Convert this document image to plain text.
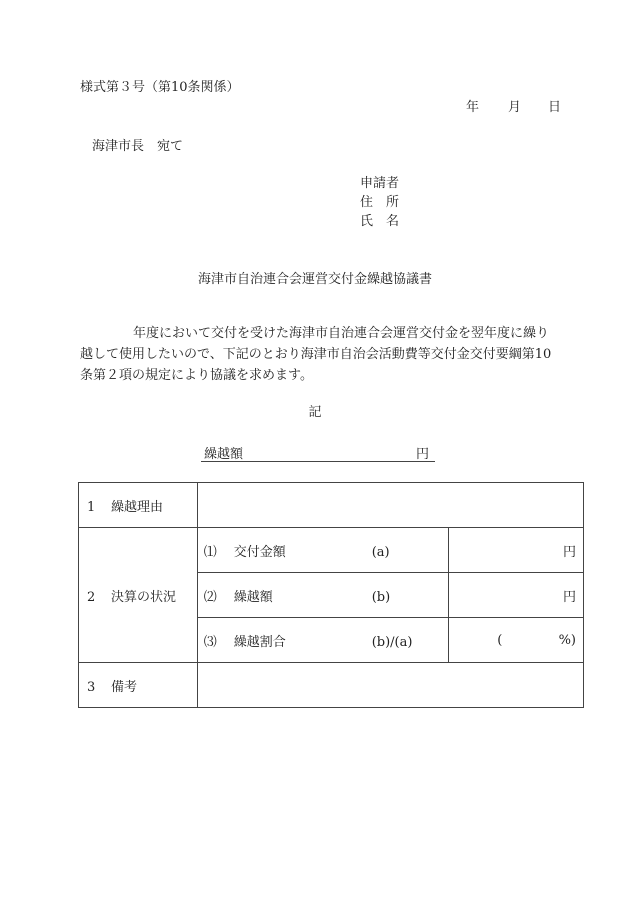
様式第３号（第10条関係）
年 月 日
海津市長　宛て
申請者
住　所
氏　名
海津市自治連合会運営交付金繰越協議書
年度において交付を受けた海津市自治連合会運営交付金を翌年度に繰り
越して使用したいので、下記のとおり海津市自治会活動費等交付金交付要綱第10
条第２項の規定により協議を求めます。
記
繰越額	円
1 繰越理由		
2 決算の状況	⑴ 交付金額 (a)	円

	⑵ 繰越額 (b)	円

	⑶ 繰越割合 (b)/(a)	( %)

3 備考		
